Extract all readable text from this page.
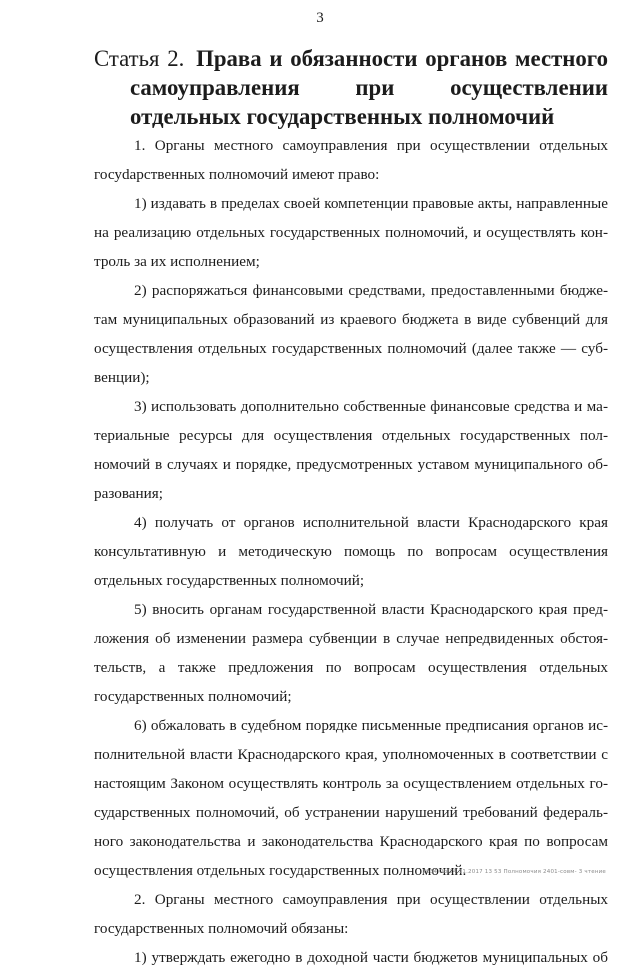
3
Статья 2. Права и обязанности органов местного самоуправления при осуществлении отдельных государственных полномочий

1. Органы местного самоуправления при осуществлении отдельных госуdарственных полномочий имеют право:

1) издавать в пределах своей компетенции правовые акты, направленные на реализацию отдельных государственных полномочий, и осуществлять контроль за их исполнением;

2) распоряжаться финансовыми средствами, предоставленными бюджетам муниципальных образований из краевого бюджета в виде субвенций для осуществления отдельных государственных полномочий (далее также — субвенции);

3) использовать дополнительно собственные финансовые средства и материальные ресурсы для осуществления отдельных государственных полномочий в случаях и порядке, предусмотренных уставом муниципального образования;

4) получать от органов исполнительной власти Краснодарского края консультативную и методическую помощь по вопросам осуществления отдельных государственных полномочий;

5) вносить органам государственной власти Краснодарского края предложения об изменении размера субвенции в случае непредвиденных обстоятельств, а также предложения по вопросам осуществления отдельных государственных полномочий;

6) обжаловать в судебном порядке письменные предписания органов исполнительной власти Краснодарского края, уполномоченных в соответствии с настоящим Законом осуществлять контроль за осуществлением отдельных государственных полномочий, об устранении нарушений требований федерального законодательства и законодательства Краснодарского края по вопросам осуществления отдельных государственных полномочий.

2. Органы местного самоуправления при осуществлении отдельных государственных полномочий обязаны:

1) утверждать ежегодно в доходной части бюджетов муниципальных об

2034 Ob 24.11.2017 13 53 Полномочия 2401-совм- 3 чтение
